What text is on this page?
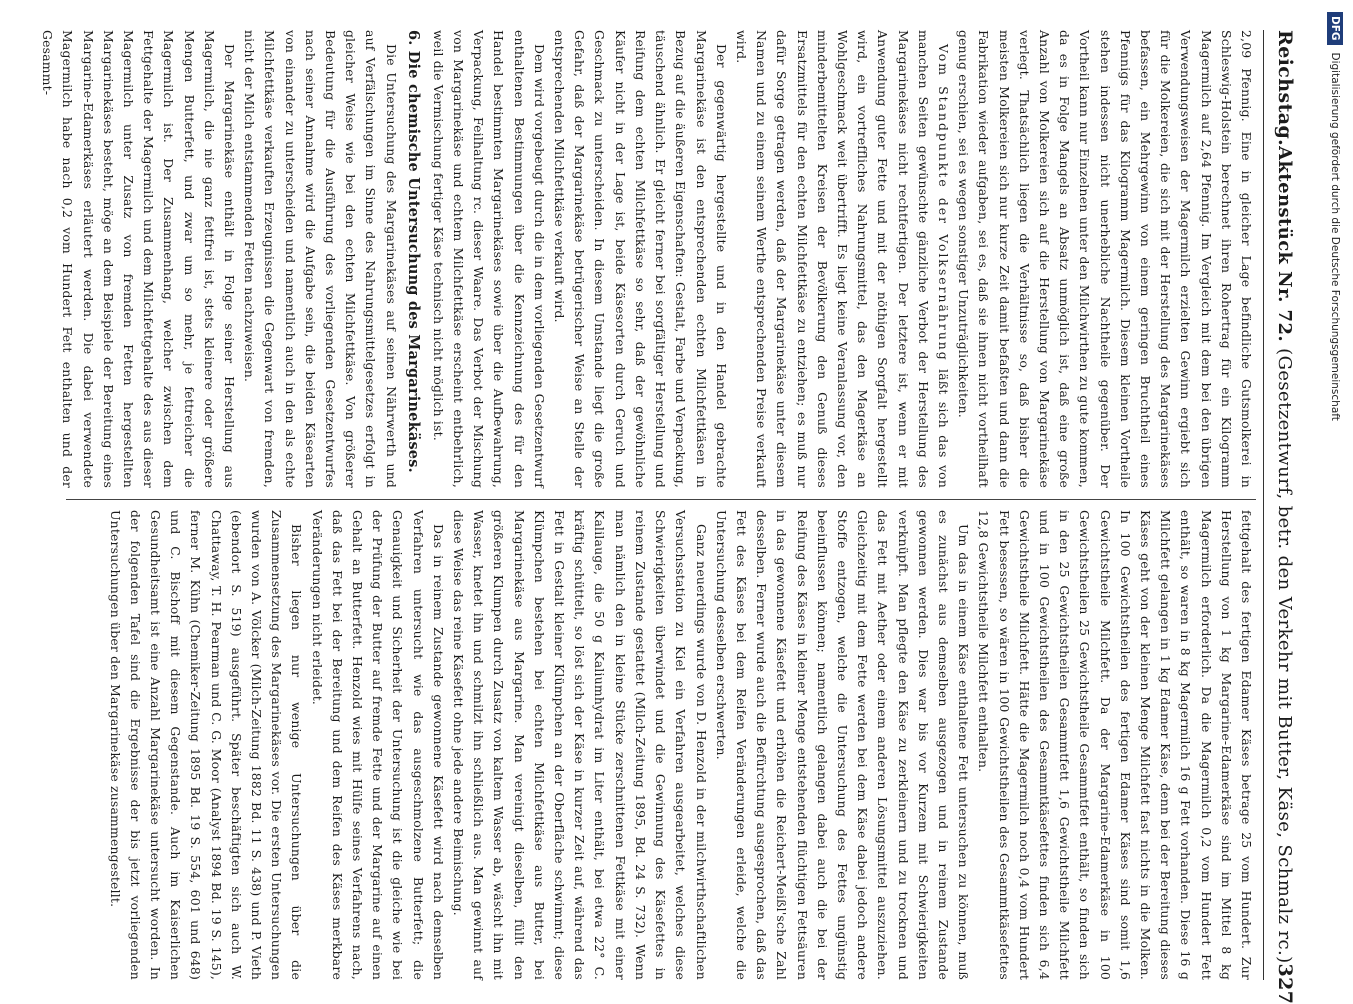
Reichstag.
Aktenstück Nr. 72. (Gesetzentwurf, betr. den Verkehr mit Butter, Käse, Schmalz rc.)
327

2,09 Pfennig. Eine in gleicher Lage befindliche Gutsmolkerei in Schleswig-Holstein berechnet ihren Rohertrag für ein Kilogramm Magermilch auf 2,64 Pfennig. Im Vergleich mit dem bei den übrigen Verwendungsweisen der Magermilch erzielten Gewinn ergiebt sich für die Molkereien, die sich mit der Herstellung des Margarinekäses befassen, ein Mehrgewinn von einem geringen Bruchtheil eines Pfennigs für das Kilogramm Magermilch. Diesem kleinen Vortheile stehen indessen nicht unerhebliche Nachtheile gegenüber. Der Vortheil kann nur Einzelnen unter den Milchwirthen zu gute kommen, da es in Folge Mangels an Absatz unmöglich ist, daß eine große Anzahl von Molkereien sich auf die Herstellung von Margarinekäse verlegt. Thatsächlich liegen die Verhältnisse so, daß bisher die meisten Molkereien sich nur kurze Zeit damit befaßten und dann die Fabrikation wieder aufgaben, sei es, daß sie ihnen nicht vortheilhaft genug erschien, sei es wegen sonstiger Unzuträglichkeiten.

Vom Standpunkte der Volksernährung läßt sich das von manchen Seiten gewünschte gänzliche Verbot der Herstellung des Margarinekäses nicht rechtfertigen. Der letztere ist, wenn er mit Anwendung guter Fette und mit der nöthigen Sorgfalt hergestellt wird, ein vortreffliches Nahrungsmittel, das den Magerkäse an Wohlgeschmack weit übertrifft. Es liegt keine Veranlassung vor, den minderbemittelten Kreisen der Bevölkerung den Genuß dieses Ersatzmittels für den echten Milchfettkäse zu entziehen; es muß nur dafür Sorge getragen werden, daß der Margarinekäse unter diesem Namen und zu einem seinem Werthe entsprechenden Preise verkauft wird.

Der gegenwärtig hergestellte und in den Handel gebrachte Margarinekäse ist den entsprechenden echten Milchfettkäsen in Bezug auf die äußeren Eigenschaften: Gestalt, Farbe und Verpackung, täuschend ähnlich. Er gleicht ferner bei sorgfältiger Herstellung und Reifung dem echten Milchfettkäse so sehr, daß der gewöhnliche Käufer nicht in der Lage ist, beide Käsesorten durch Geruch und Geschmack zu unterscheiden. In diesem Umstande liegt die große Gefahr, daß der Margarinekäse betrügerischer Weise an Stelle der entsprechenden Milchfettkäse verkauft wird.

Dem wird vorgebeugt durch die in dem vorliegenden Gesetzentwurf enthaltenen Bestimmungen über die Kennzeichnung des für den Handel bestimmten Margarinekäses sowie über die Aufbewahrung, Verpackung, Feilhaltung rc. dieser Waare. Das Verbot der Mischung von Margarinekäse und echtem Milchfettkäse erscheint entbehrlich, weil die Vermischung fertiger Käse technisch nicht möglich ist.

6. Die chemische Untersuchung des Margarinekäses.

Die Untersuchung des Margarinekäses auf seinen Nährwerth und auf Verfälschungen im Sinne des Nahrungsmittelgesetzes erfolgt in gleicher Weise wie bei den echten Milchfettkäse. Von größerer Bedeutung für die Ausführung des vorliegenden Gesetzentwurfes nach seiner Annahme wird die Aufgabe sein, die beiden Käsearten von einander zu unterscheiden und namentlich auch in den als echte Milchfettkäse verkauften Erzeugnissen die Gegenwart von fremden, nicht der Milch entstammenden Fetten nachzuweisen.

Der Margarinekäse enthält in Folge seiner Herstellung aus Magermilch, die nie ganz fettfrei ist, stets kleinere oder größere Mengen Butterfett, und zwar um so mehr, je fettreicher die Magermilch ist. Der Zusammenhang, welcher zwischen dem Fettgehalte der Magermilch und dem Milchfettgehalte des aus dieser Magermilch unter Zusatz von fremden Fetten hergestellten Margarinekäses besteht, möge an dem Beispiele der Bereitung eines Margarine-Edamerkäses erläutert werden. Die dabei verwendete Magermilch habe nach 0,2 vom Hundert Fett enthalten und der Gesammt-

fettgehalt des fertigen Edamer Käses betrage 25 vom Hundert. Zur Herstellung von 1 kg Margarine-Edamerkäse sind im Mittel 8 kg Magermilch erforderlich. Da die Magermilch 0,2 vom Hundert Fett enthält, so waren in 8 kg Magermilch 16 g Fett vorhanden. Diese 16 g Milchfett gelangen in 1 kg Edamer Käse, denn bei der Bereitung dieses Käses geht von der kleinen Menge Milchfett fast nichts in die Molken. In 100 Gewichtstheilen des fertigen Edamer Käses sind somit 1,6 Gewichtstheile Milchfett. Da der Margarine-Edamerkäse in 100 Gewichtstheilen 25 Gewichtstheile Gesammtfett enthält, so finden sich in den 25 Gewichtstheilen Gesammtfett 1,6 Gewichtstheile Milchfett und in 100 Gewichtstheilen des Gesammtkäsefettes finden sich 6,4 Gewichtstheile Milchfett. Hätte die Magermilch noch 0,4 vom Hundert Fett besessen, so wären in 100 Gewichtstheilen des Gesammtkäsefettes 12,8 Gewichtstheile Milchfett enthalten.

Um das in einem Käse enthaltene Fett untersuchen zu können, muß es zunächst aus demselben ausgezogen und in reinem Zustande gewonnen werden. Dies war bis vor Kurzem mit Schwierigkeiten verknüpft. Man pflegte den Käse zu zerkleinern und zu trocknen und das Fett mit Aether oder einem anderen Lösungsmittel auszuziehen. Gleichzeitig mit dem Fette werden bei dem Käse dabei jedoch andere Stoffe entzogen, welche die Untersuchung des Fettes ungünstig beeinflussen können; namentlich gelangen dabei auch die bei der Reifung des Käses in kleiner Menge entstehenden flüchtigen Fettsäuren in das gewonnene Käsefett und erhöhen die Reichert-Meißl'sche Zahl desselben. Ferner wurde auch die Befürchtung ausgesprochen, daß das Fett des Käses bei dem Reifen Veränderungen erleide, welche die Untersuchung desselben erschwerten.

Ganz neuerdings wurde von D. Henzold in der milchwirthschaftlichen Versuchsstation zu Kiel ein Verfahren ausgearbeitet, welches diese Schwierigkeiten überwindet und die Gewinnung des Käsefettes in reinem Zustande gestattet (Milch-Zeitung 1895, Bd. 24 S. 732). Wenn man nämlich den in kleine Stücke zerschnittenen Fettkäse mit einer Kalilauge, die 50 g Kaliumhydrat im Liter enthält, bei etwa 22° C. kräftig schüttelt, so löst sich der Käse in kurzer Zeit auf, während das Fett in Gestalt kleiner Klümpchen an der Oberfläche schwimmt; diese Klümpchen bestehen bei echten Milchfettkäse aus Butter, bei Margarinekäse aus Margarine. Man vereinigt dieselben, füllt den größeren Klumpen durch Zusatz von kaltem Wasser ab, wäscht ihn mit Wasser, knetet ihn und schmilzt ihn schließlich aus. Man gewinnt auf diese Weise das reine Käsefett ohne jede andere Beimischung.

Das in reinem Zustande gewonnene Käsefett wird nach demselben Verfahren untersucht wie das ausgeschmolzene Butterfett; die Genauigkeit und Sicherheit der Untersuchung ist die gleiche wie bei der Prüfung der Butter auf fremde Fette und der Margarine auf einen Gehalt an Butterfett. Henzold wies mit Hülfe seines Verfahrens nach, daß das Fett bei der Bereitung und dem Reifen des Käses merkbare Veränderungen nicht erleidet.

Bisher liegen nur wenige Untersuchungen über die Zusammensetzung des Margarinekäses vor. Die ersten Untersuchungen wurden von A. Völcker (Milch-Zeitung 1882 Bd. 11 S. 438) und P. Vieth (ebendort S. 519) ausgeführt. Später beschäftigten sich auch W. Chattaway, T. H. Pearman und C. G. Moor (Analyst 1894 Bd. 19 S. 145), ferner M. Kühn (Chemiker-Zeitung 1895 Bd. 19 S. 554, 601 und 648) und C. Bischoff mit diesem Gegenstande. Auch im Kaiserlichen Gesundheitsamt ist eine Anzahl Margarinekäse untersucht worden. In der folgenden Tafel sind die Ergebnisse der bis jetzt vorliegenden Untersuchungen über den Margarinekäse zusammengestellt.

DFGDigitalisierung gefördert durch die Deutsche Forschungsgemeinschaft
